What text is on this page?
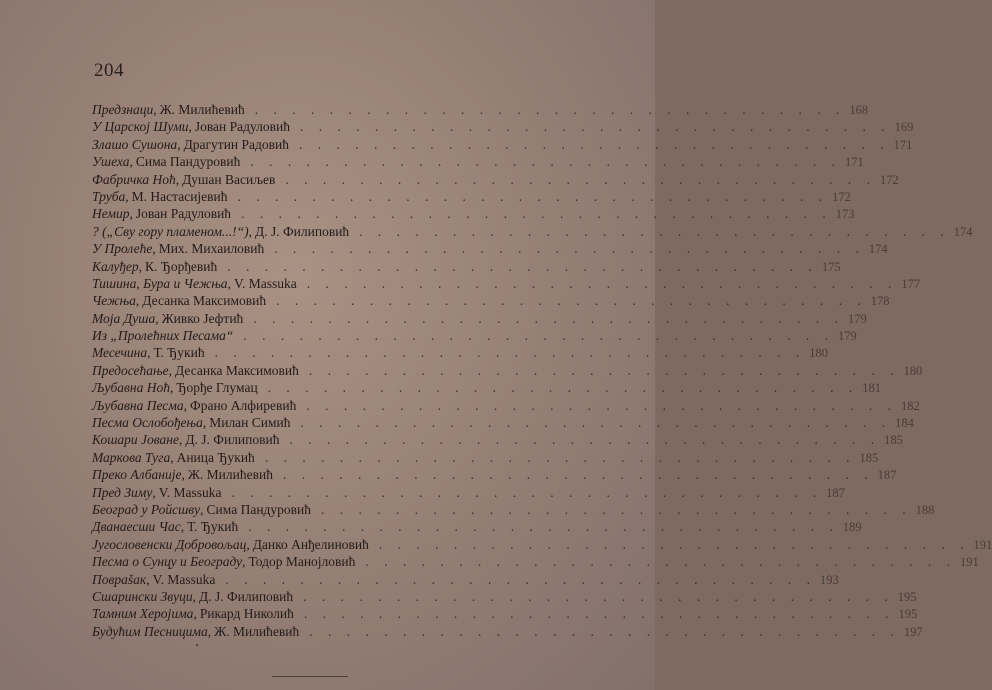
204
Предзнаци , Ж. Милићевић . . . . . . . . . . . . . . . . . . . . . . . . . . . . . . . . 168
У Царској Шуми , Јован Радуловић . . . . . . . . . . . . . . . . . . . . . . . . . . . . . . . . 169
Злашо Сушона , Драгутин Радовић . . . . . . . . . . . . . . . . . . . . . . . . . . . . . . . . 171
Ушеха , Сима Пандуровић . . . . . . . . . . . . . . . . . . . . . . . . . . . . . . . . 171
Фабричка Ноћ , Душан Васиљев . . . . . . . . . . . . . . . . . . . . . . . . . . . . . . . . 172
Труба , М. Настасијевић . . . . . . . . . . . . . . . . . . . . . . . . . . . . . . . . 172
Немир , Јован Радуловић . . . . . . . . . . . . . . . . . . . . . . . . . . . . . . . . 173
? („Сву гору пламеном...!“) , Д. J. Филиповић . . . . . . . . . . . . . . . . . . . . . . . . . . . . . . . . 174
У Пролеће , Мих. Михаиловић . . . . . . . . . . . . . . . . . . . . . . . . . . . . . . . . 174
Калуђер , К. Ђорђевић . . . . . . . . . . . . . . . . . . . . . . . . . . . . . . . . 175
Тишина, Бура и Чежња , V. Massuka . . . . . . . . . . . . . . . . . . . . . . . . . . . . . . . . 177
Чежња , Десанка Максимовић . . . . . . . . . . . . . . . . . . . . . . . . . . . . . . . . 178
Моја Душа , Живко Јефтић . . . . . . . . . . . . . . . . . . . . . . . . . . . . . . . . 179
Из „Пролећних Песама“ . . . . . . . . . . . . . . . . . . . . . . . . . . . . . . . . 179
Месечина , Т. Ђукић . . . . . . . . . . . . . . . . . . . . . . . . . . . . . . . . 180
Предосећање , Десанка Максимовић . . . . . . . . . . . . . . . . . . . . . . . . . . . . . . . . 180
Љубавна Ноћ , Ђорђе Глумац . . . . . . . . . . . . . . . . . . . . . . . . . . . . . . . . 181
Љубавна Песма , Франо Алфиревић . . . . . . . . . . . . . . . . . . . . . . . . . . . . . . . . 182
Песма Ослобођења , Милан Симић . . . . . . . . . . . . . . . . . . . . . . . . . . . . . . . . 184
Кошари Јоване , Д. Ј. Филиповић . . . . . . . . . . . . . . . . . . . . . . . . . . . . . . . . 185
Маркова Туга , Аница Ђукић . . . . . . . . . . . . . . . . . . . . . . . . . . . . . . . . 185
Преко Албаније , Ж. Милићевић . . . . . . . . . . . . . . . . . . . . . . . . . . . . . . . . 187
Пред Зиму , V. Massuka . . . . . . . . . . . . . . . . . . . . . . . . . . . . . . . . 187
Београд у Ройсшву , Сима Пандуровић . . . . . . . . . . . . . . . . . . . . . . . . . . . . . . . . 188
Дванаесши Час , Т. Ђукић . . . . . . . . . . . . . . . . . . . . . . . . . . . . . . . . 189
Југословенски Добровољац , Данко Анђелиновић . . . . . . . . . . . . . . . . . . . . . . . . . . . . . . . . 191
Песма о Сунцу и Београду , Тодор Манојловић . . . . . . . . . . . . . . . . . . . . . . . . . . . . . . . . 191
Повраšак , V. Massuka . . . . . . . . . . . . . . . . . . . . . . . . . . . . . . . . 193
Сшарински Звуци , Д. Ј. Филиповић . . . . . . . . . . . . . . . . . . . . . . . . . . . . . . . . 195
Тамним Херојима , Рикард Николић . . . . . . . . . . . . . . . . . . . . . . . . . . . . . . . . 195
Будућим Песницима , Ж. Милићевић . . . . . . . . . . . . . . . . . . . . . . . . . . . . . . . . 197
